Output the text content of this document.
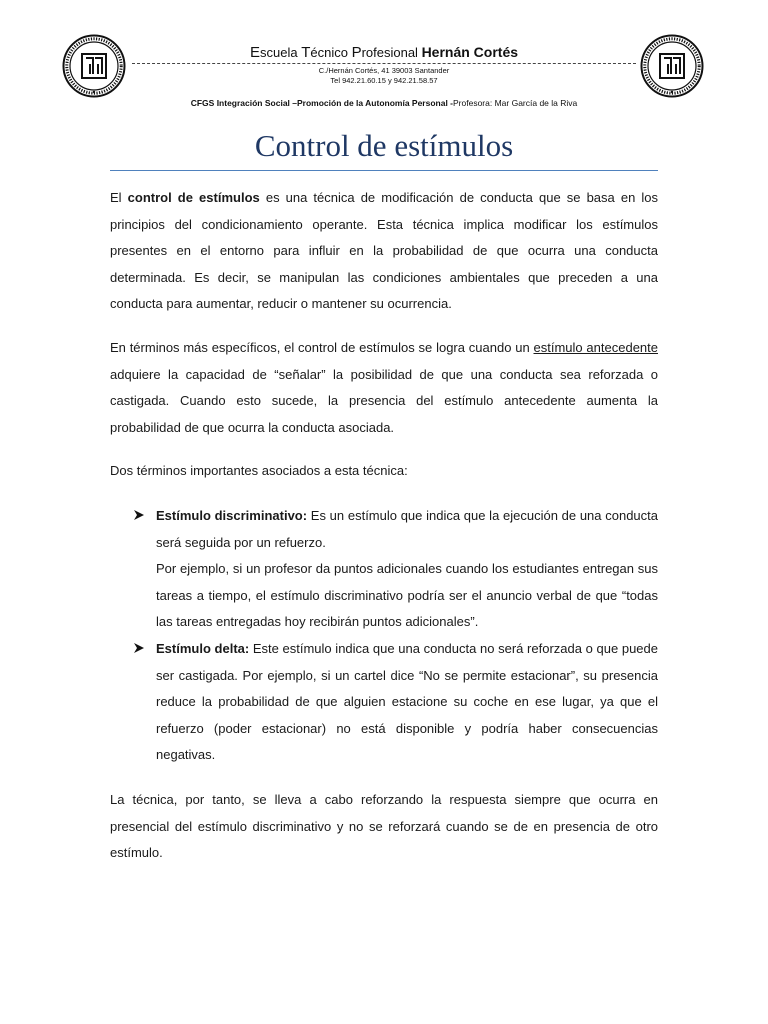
Escuela Técnico Profesional Hernán Cortés
C./Hernán Cortés, 41 39003 Santander
Tel 942.21.60.15 y 942.21.58.57
CFGS Integración Social –Promoción de la Autonomía Personal -Profesora: Mar García de la Riva
Control de estímulos
El control de estímulos es una técnica de modificación de conducta que se basa en los principios del condicionamiento operante. Esta técnica implica modificar los estímulos presentes en el entorno para influir en la probabilidad de que ocurra una conducta determinada. Es decir, se manipulan las condiciones ambientales que preceden a una conducta para aumentar, reducir o mantener su ocurrencia.
En términos más específicos, el control de estímulos se logra cuando un estímulo antecedente adquiere la capacidad de “señalar” la posibilidad de que una conducta sea reforzada o castigada. Cuando esto sucede, la presencia del estímulo antecedente aumenta la probabilidad de que ocurra la conducta asociada.
Dos términos importantes asociados a esta técnica:
Estímulo discriminativo: Es un estímulo que indica que la ejecución de una conducta será seguida por un refuerzo.
Por ejemplo, si un profesor da puntos adicionales cuando los estudiantes entregan sus tareas a tiempo, el estímulo discriminativo podría ser el anuncio verbal de que “todas las tareas entregadas hoy recibirán puntos adicionales”.
Estímulo delta: Este estímulo indica que una conducta no será reforzada o que puede ser castigada. Por ejemplo, si un cartel dice “No se permite estacionar”, su presencia reduce la probabilidad de que alguien estacione su coche en ese lugar, ya que el refuerzo (poder estacionar) no está disponible y podría haber consecuencias negativas.
La técnica, por tanto, se lleva a cabo reforzando la respuesta siempre que ocurra en presencial del estímulo discriminativo y no se reforzará cuando se de en presencia de otro estímulo.
